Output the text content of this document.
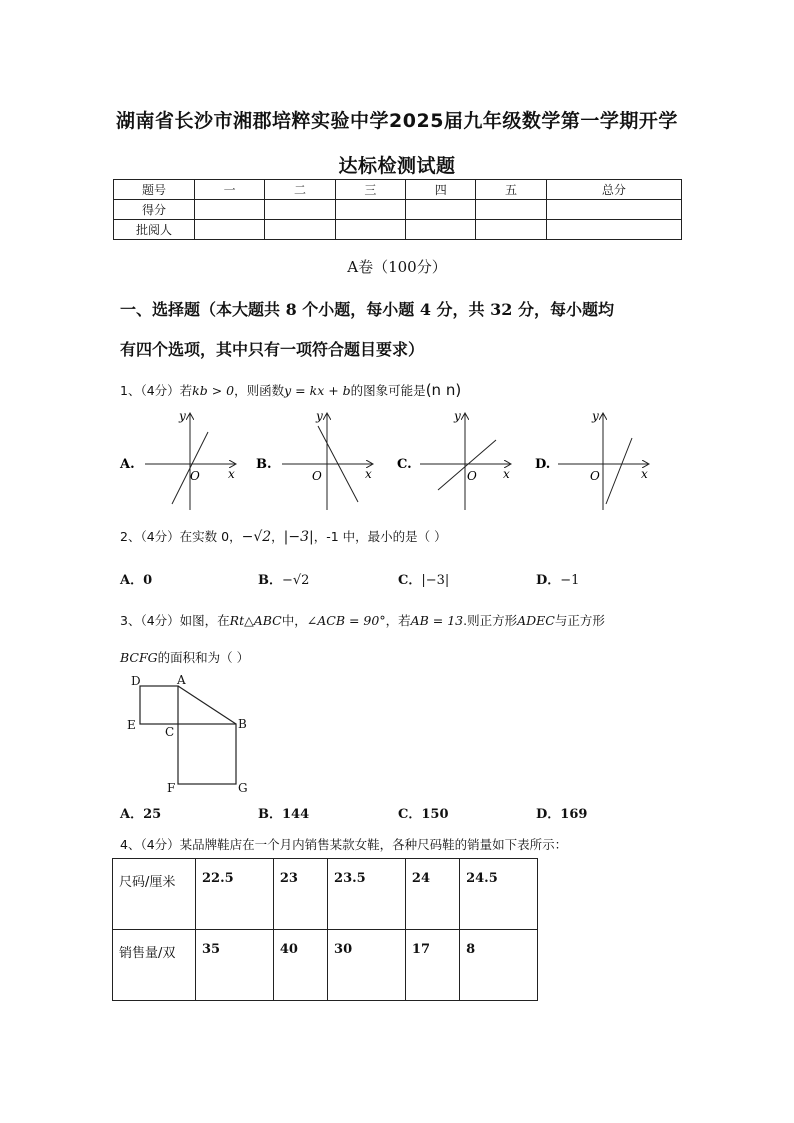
湖南省长沙市湘郡培粹实验中学2025届九年级数学第一学期开学
达标检测试题
题号	一	二	三	四	五	总分
得分						
批阅人						
A卷（100分）
一、选择题（本大题共 8 个小题，每小题 4 分，共 32 分，每小题均
有四个选项，其中只有一项符合题目要求）
1、（4分）若kb > 0，则函数y = kx + b的图象可能是(n n)
A.
y
x
O
B.
y
x
O
C.
y
x
O
D.
y
x
O
2、（4分）在实数 0，−√2，|−3|，-1 中，最小的是（ ）
A．0	B．−√2	C．|−3|	D．−1
3、（4分）如图，在Rt△ABC中，∠ACB = 90°，若AB = 13.则正方形ADEC与正方形
BCFG的面积和为（ ）
D	A
E C
B
F	G
A．25	B．144	C．150	D．169
4、（4分）某品牌鞋店在一个月内销售某款女鞋，各种尺码鞋的销量如下表所示：
尺码/厘米	22.5	23	23.5	24	24.5
销售量/双	35	40	30	17	8
